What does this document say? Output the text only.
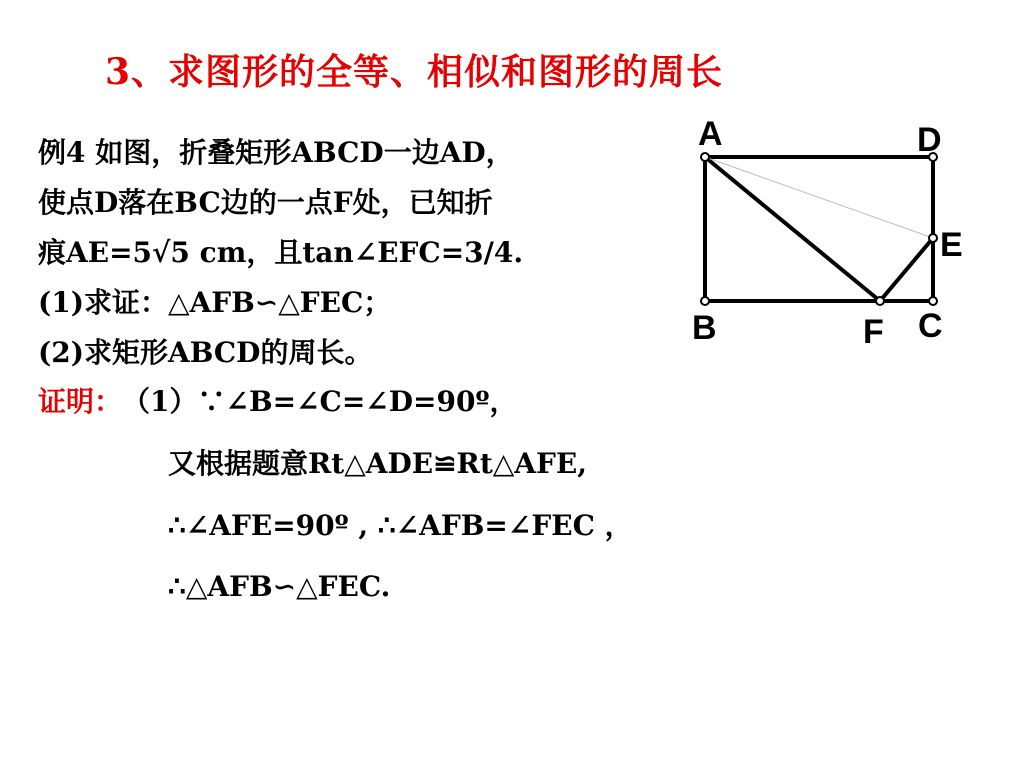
3、求图形的全等、相似和图形的周长
例4 如图，折叠矩形ABCD一边AD，
使点D落在BC边的一点F处，已知折
痕AE=5√5 cm，且tan∠EFC=3/4.
(1)求证：△AFB∽△FEC；
(2)求矩形ABCD的周长。
证明： （1）∵∠B=∠C=∠D=90º，
又根据题意Rt△ADE≌Rt△AFE,
∴∠AFE=90º , ∴∠AFB=∠FEC ，
∴△AFB∽△FEC.
A	D
E
B	F C
